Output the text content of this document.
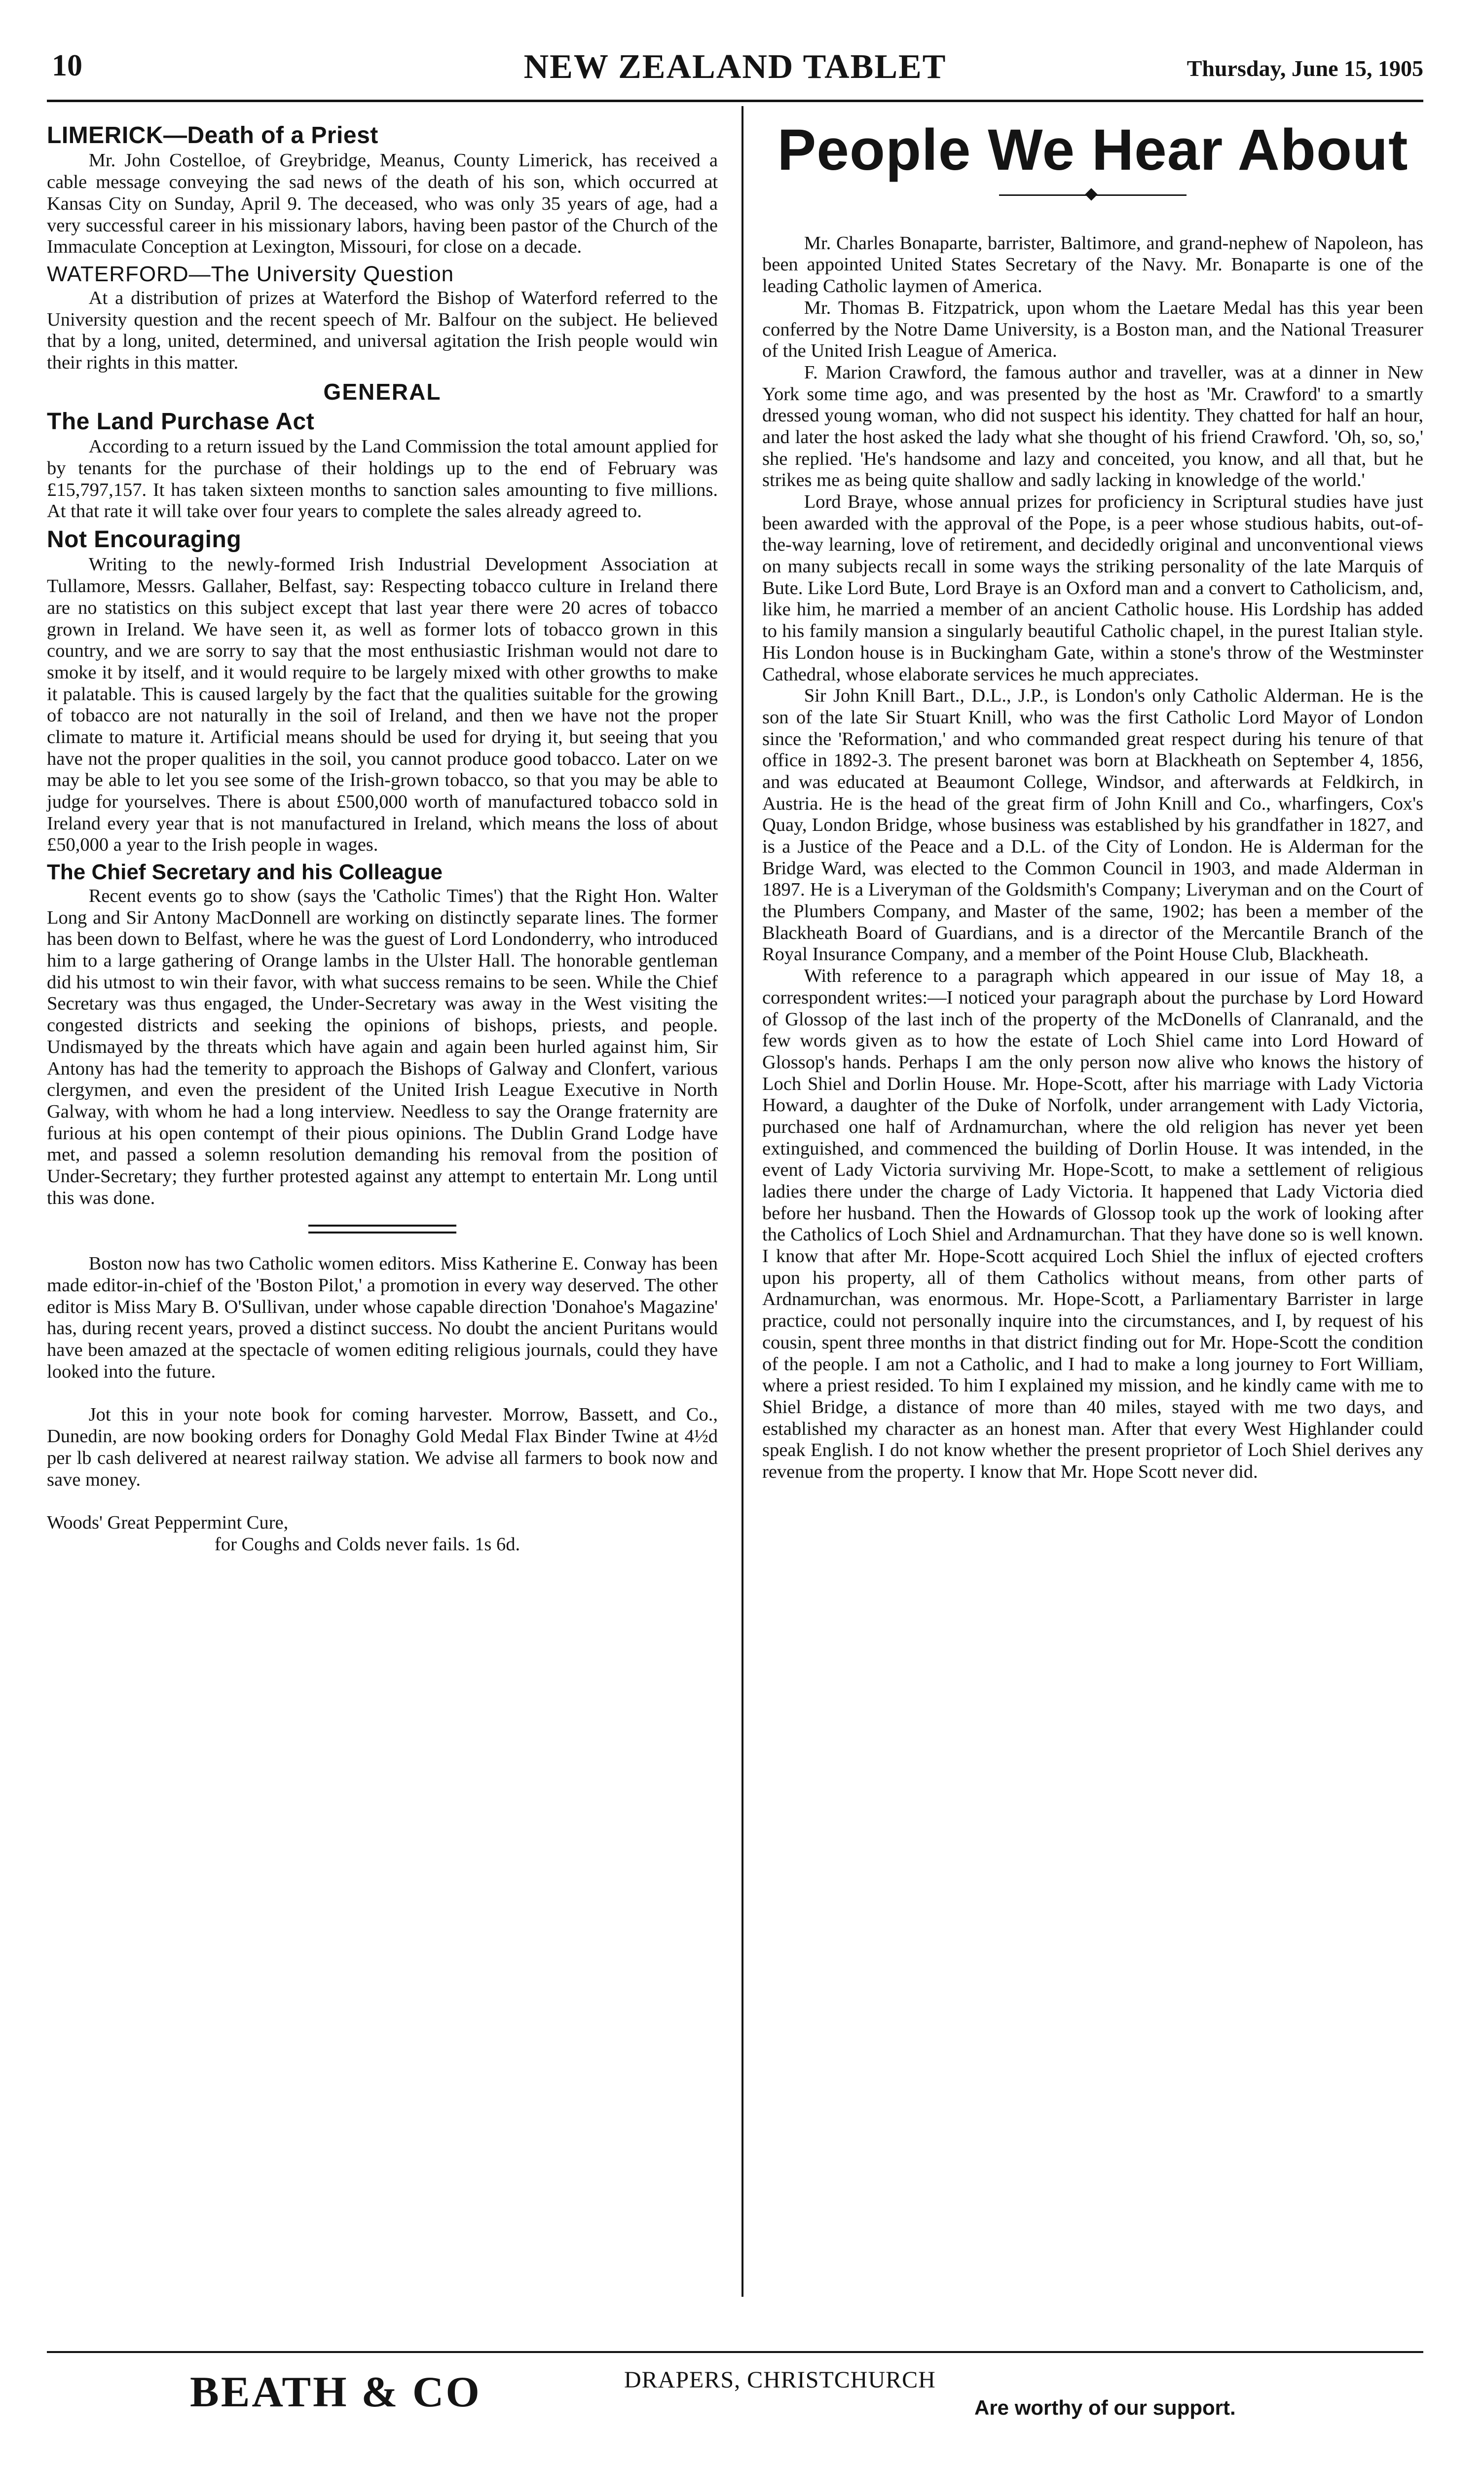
10	NEW ZEALAND TABLET	Thursday, June 15, 1905
LIMERICK—Death of a Priest

Mr. John Costelloe, of Greybridge, Meanus, County Limerick, has received a cable message conveying the sad news of the death of his son, which occurred at Kansas City on Sunday, April 9. The deceased, who was only 35 years of age, had a very successful career in his missionary labors, having been pastor of the Church of the Immaculate Conception at Lexington, Missouri, for close on a decade.

WATERFORD—The University Question

At a distribution of prizes at Waterford the Bishop of Waterford referred to the University question and the recent speech of Mr. Balfour on the subject. He believed that by a long, united, determined, and universal agitation the Irish people would win their rights in this matter.

GENERAL
The Land Purchase Act

According to a return issued by the Land Commission the total amount applied for by tenants for the purchase of their holdings up to the end of February was £15,797,157. It has taken sixteen months to sanction sales amounting to five millions. At that rate it will take over four years to complete the sales already agreed to.

Not Encouraging

Writing to the newly-formed Irish Industrial Development Association at Tullamore, Messrs. Gallaher, Belfast, say: Respecting tobacco culture in Ireland there are no statistics on this subject except that last year there were 20 acres of tobacco grown in Ireland. We have seen it, as well as former lots of tobacco grown in this country, and we are sorry to say that the most enthusiastic Irishman would not dare to smoke it by itself, and it would require to be largely mixed with other growths to make it palatable. This is caused largely by the fact that the qualities suitable for the growing of tobacco are not naturally in the soil of Ireland, and then we have not the proper climate to mature it. Artificial means should be used for drying it, but seeing that you have not the proper qualities in the soil, you cannot produce good tobacco. Later on we may be able to let you see some of the Irish-grown tobacco, so that you may be able to judge for yourselves. There is about £500,000 worth of manufactured tobacco sold in Ireland every year that is not manufactured in Ireland, which means the loss of about £50,000 a year to the Irish people in wages.

The Chief Secretary and his Colleague

Recent events go to show (says the 'Catholic Times') that the Right Hon. Walter Long and Sir Antony MacDonnell are working on distinctly separate lines. The former has been down to Belfast, where he was the guest of Lord Londonderry, who introduced him to a large gathering of Orange lambs in the Ulster Hall. The honorable gentleman did his utmost to win their favor, with what success remains to be seen. While the Chief Secretary was thus engaged, the Under-Secretary was away in the West visiting the congested districts and seeking the opinions of bishops, priests, and people. Undismayed by the threats which have again and again been hurled against him, Sir Antony has had the temerity to approach the Bishops of Galway and Clonfert, various clergymen, and even the president of the United Irish League Executive in North Galway, with whom he had a long interview. Needless to say the Orange fraternity are furious at his open contempt of their pious opinions. The Dublin Grand Lodge have met, and passed a solemn resolution demanding his removal from the position of Under-Secretary; they further protested against any attempt to entertain Mr. Long until this was done.

Boston now has two Catholic women editors. Miss Katherine E. Conway has been made editor-in-chief of the 'Boston Pilot,' a promotion in every way deserved. The other editor is Miss Mary B. O'Sullivan, under whose capable direction 'Donahoe's Magazine' has, during recent years, proved a distinct success. No doubt the ancient Puritans would have been amazed at the spectacle of women editing religious journals, could they have looked into the future.

Jot this in your note book for coming harvester. Morrow, Bassett, and Co., Dunedin, are now booking orders for Donaghy Gold Medal Flax Binder Twine at 4½d per lb cash delivered at nearest railway station. We advise all farmers to book now and save money.

Woods' Great Peppermint Cure,

for Coughs and Colds never fails. 1s 6d.

People We Hear About

Mr. Charles Bonaparte, barrister, Baltimore, and grand-nephew of Napoleon, has been appointed United States Secretary of the Navy. Mr. Bonaparte is one of the leading Catholic laymen of America.

Mr. Thomas B. Fitzpatrick, upon whom the Laetare Medal has this year been conferred by the Notre Dame University, is a Boston man, and the National Treasurer of the United Irish League of America.

F. Marion Crawford, the famous author and traveller, was at a dinner in New York some time ago, and was presented by the host as 'Mr. Crawford' to a smartly dressed young woman, who did not suspect his identity. They chatted for half an hour, and later the host asked the lady what she thought of his friend Crawford. 'Oh, so, so,' she replied. 'He's handsome and lazy and conceited, you know, and all that, but he strikes me as being quite shallow and sadly lacking in knowledge of the world.'

Lord Braye, whose annual prizes for proficiency in Scriptural studies have just been awarded with the approval of the Pope, is a peer whose studious habits, out-of-the-way learning, love of retirement, and decidedly original and unconventional views on many subjects recall in some ways the striking personality of the late Marquis of Bute. Like Lord Bute, Lord Braye is an Oxford man and a convert to Catholicism, and, like him, he married a member of an ancient Catholic house. His Lordship has added to his family mansion a singularly beautiful Catholic chapel, in the purest Italian style. His London house is in Buckingham Gate, within a stone's throw of the Westminster Cathedral, whose elaborate services he much appreciates.

Sir John Knill Bart., D.L., J.P., is London's only Catholic Alderman. He is the son of the late Sir Stuart Knill, who was the first Catholic Lord Mayor of London since the 'Reformation,' and who commanded great respect during his tenure of that office in 1892-3. The present baronet was born at Blackheath on September 4, 1856, and was educated at Beaumont College, Windsor, and afterwards at Feldkirch, in Austria. He is the head of the great firm of John Knill and Co., wharfingers, Cox's Quay, London Bridge, whose business was established by his grandfather in 1827, and is a Justice of the Peace and a D.L. of the City of London. He is Alderman for the Bridge Ward, was elected to the Common Council in 1903, and made Alderman in 1897. He is a Liveryman of the Goldsmith's Company; Liveryman and on the Court of the Plumbers Company, and Master of the same, 1902; has been a member of the Blackheath Board of Guardians, and is a director of the Mercantile Branch of the Royal Insurance Company, and a member of the Point House Club, Blackheath.

With reference to a paragraph which appeared in our issue of May 18, a correspondent writes:—I noticed your paragraph about the purchase by Lord Howard of Glossop of the last inch of the property of the McDonells of Clanranald, and the few words given as to how the estate of Loch Shiel came into Lord Howard of Glossop's hands. Perhaps I am the only person now alive who knows the history of Loch Shiel and Dorlin House. Mr. Hope-Scott, after his marriage with Lady Victoria Howard, a daughter of the Duke of Norfolk, under arrangement with Lady Victoria, purchased one half of Ardnamurchan, where the old religion has never yet been extinguished, and commenced the building of Dorlin House. It was intended, in the event of Lady Victoria surviving Mr. Hope-Scott, to make a settlement of religious ladies there under the charge of Lady Victoria. It happened that Lady Victoria died before her husband. Then the Howards of Glossop took up the work of looking after the Catholics of Loch Shiel and Ardnamurchan. That they have done so is well known. I know that after Mr. Hope-Scott acquired Loch Shiel the influx of ejected crofters upon his property, all of them Catholics without means, from other parts of Ardnamurchan, was enormous. Mr. Hope-Scott, a Parliamentary Barrister in large practice, could not personally inquire into the circumstances, and I, by request of his cousin, spent three months in that district finding out for Mr. Hope-Scott the condition of the people. I am not a Catholic, and I had to make a long journey to Fort William, where a priest resided. To him I explained my mission, and he kindly came with me to Shiel Bridge, a distance of more than 40 miles, stayed with me two days, and established my character as an honest man. After that every West Highlander could speak English. I do not know whether the present proprietor of Loch Shiel derives any revenue from the property. I know that Mr. Hope Scott never did.

BEATH & CO	DRAPERS, CHRISTCHURCH
Are worthy of our support.
